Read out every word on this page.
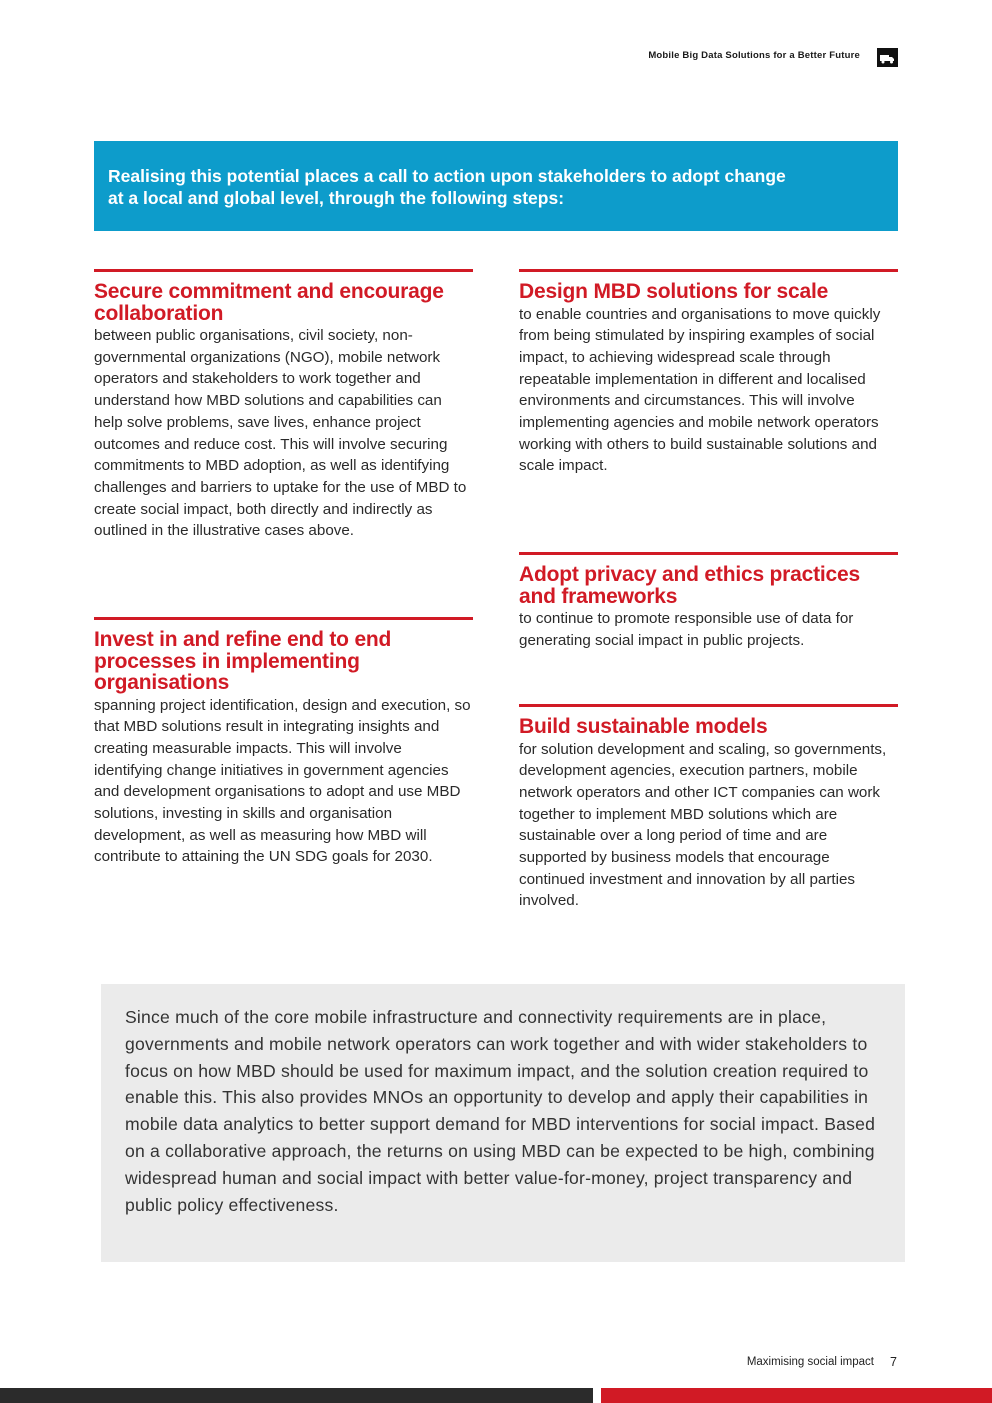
Mobile Big Data Solutions for a Better Future

Realising this potential places a call to action upon stakeholders to adopt change
at a local and global level, through the following steps:

Secure commitment and encourage collaboration

between public organisations, civil society, non-governmental organizations (NGO), mobile network operators and stakeholders to work together and understand how MBD solutions and capabilities can help solve problems, save lives, enhance project outcomes and reduce cost. This will involve securing commitments to MBD adoption, as well as identifying challenges and barriers to uptake for the use of MBD to create social impact, both directly and indirectly as outlined in the illustrative cases above.

Design MBD solutions for scale

to enable countries and organisations to move quickly from being stimulated by inspiring examples of social impact, to achieving widespread scale through repeatable implementation in different and localised environments and circumstances. This will involve implementing agencies and mobile network operators working with others to build sustainable solutions and scale impact.

Invest in and refine end to end processes in implementing organisations

spanning project identification, design and execution, so that MBD solutions result in integrating insights and creating measurable impacts. This will involve identifying change initiatives in government agencies and development organisations to adopt and use MBD solutions, investing in skills and organisation development, as well as measuring how MBD will contribute to attaining the UN SDG goals for 2030.

Adopt privacy and ethics practices and frameworks

to continue to promote responsible use of data for generating social impact in public projects.

Build sustainable models

for solution development and scaling, so governments, development agencies, execution partners, mobile network operators and other ICT companies can work together to implement MBD solutions which are sustainable over a long period of time and are supported by business models that encourage continued investment and innovation by all parties involved.

Since much of the core mobile infrastructure and connectivity requirements are in place, governments and mobile network operators can work together and with wider stakeholders to focus on how MBD should be used for maximum impact, and the solution creation required to enable this. This also provides MNOs an opportunity to develop and apply their capabilities in mobile data analytics to better support demand for MBD interventions for social impact. Based on a collaborative approach, the returns on using MBD can be expected to be high, combining widespread human and social impact with better value-for-money, project transparency and public policy effectiveness.

Maximising social impact 7
